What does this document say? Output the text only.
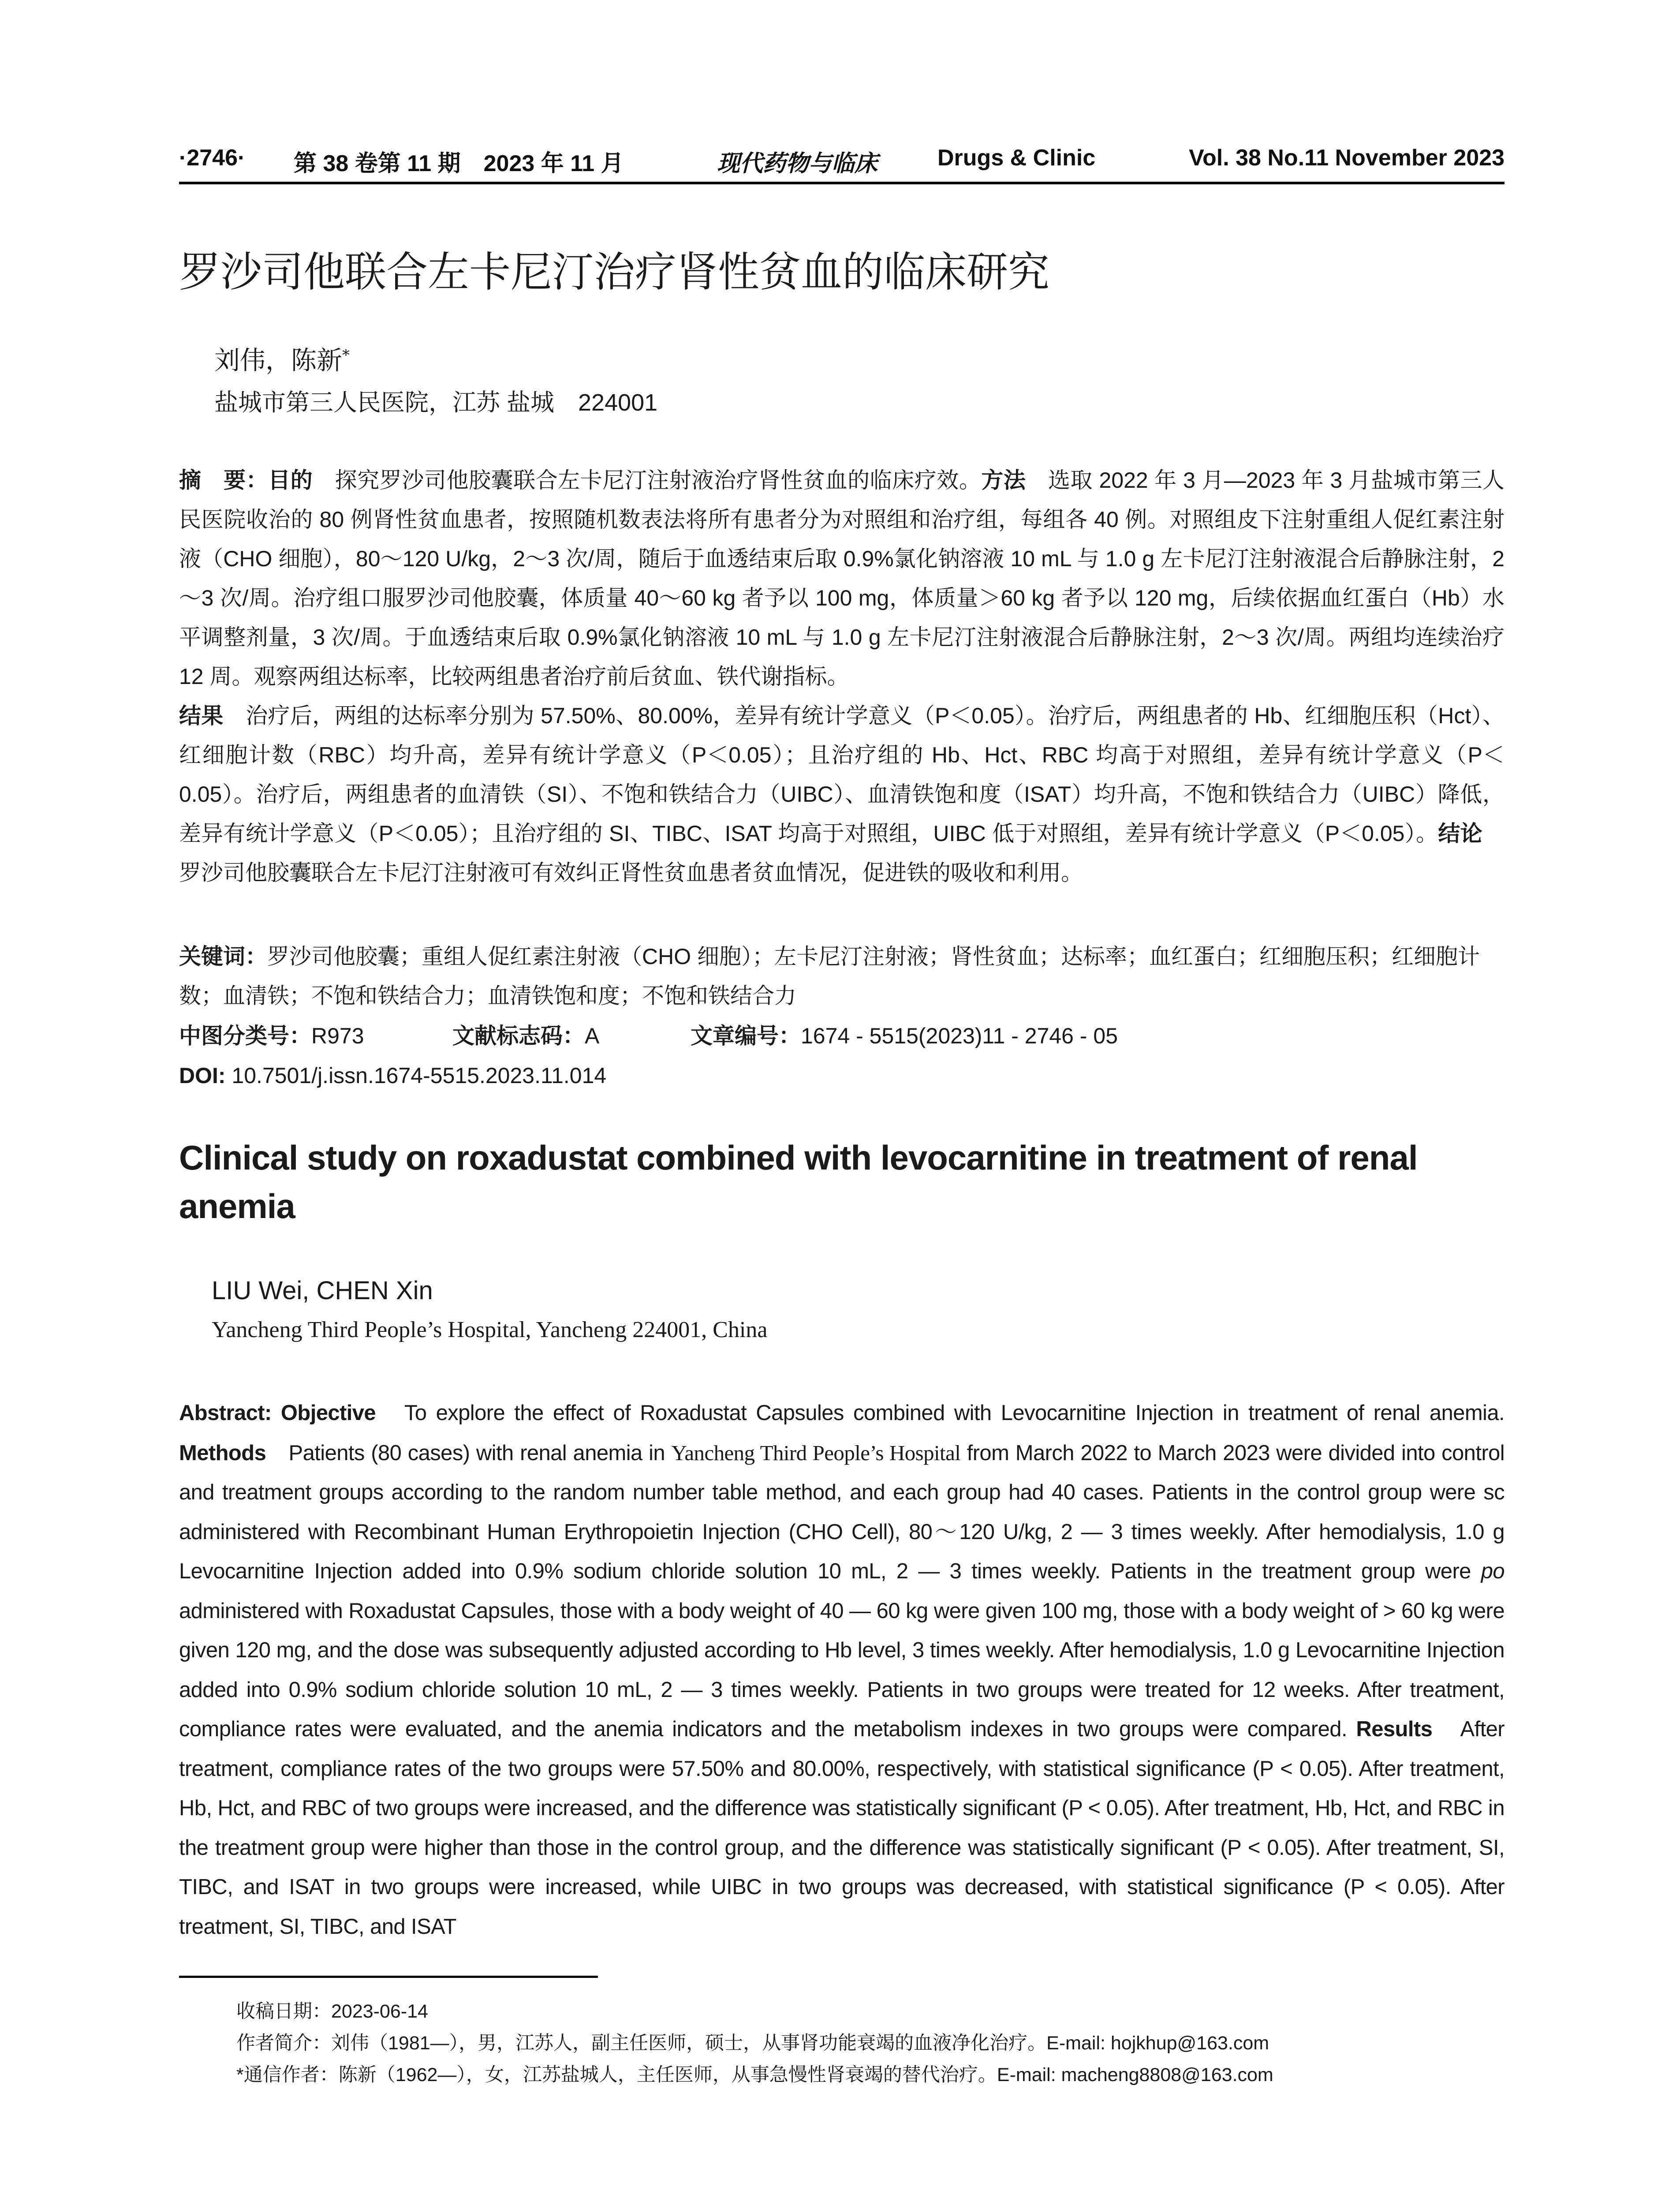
·2746· 第 38 卷第 11 期　2023 年 11 月	现代药物与临床	Drugs & Clinic	Vol. 38 No.11 November 2023
罗沙司他联合左卡尼汀治疗肾性贫血的临床研究
刘伟，陈新*
盐城市第三人民医院，江苏 盐城　224001

摘　要：目的　探究罗沙司他胶囊联合左卡尼汀注射液治疗肾性贫血的临床疗效。方法　选取 2022 年 3 月—2023 年 3 月盐城市第三人民医院收治的 80 例肾性贫血患者，按照随机数表法将所有患者分为对照组和治疗组，每组各 40 例。对照组皮下注射重组人促红素注射液（CHO 细胞），80～120 U/kg，2～3 次/周，随后于血透结束后取 0.9%氯化钠溶液 10 mL 与 1.0 g 左卡尼汀注射液混合后静脉注射，2～3 次/周。治疗组口服罗沙司他胶囊，体质量 40～60 kg 者予以 100 mg，体质量＞60 kg 者予以 120 mg，后续依据血红蛋白（Hb）水平调整剂量，3 次/周。于血透结束后取 0.9%氯化钠溶液 10 mL 与 1.0 g 左卡尼汀注射液混合后静脉注射，2～3 次/周。两组均连续治疗 12 周。观察两组达标率，比较两组患者治疗前后贫血、铁代谢指标。
结果　治疗后，两组的达标率分别为 57.50%、80.00%，差异有统计学意义（P＜0.05）。治疗后，两组患者的 Hb、红细胞压积（Hct）、红细胞计数（RBC）均升高，差异有统计学意义（P＜0.05）；且治疗组的 Hb、Hct、RBC 均高于对照组，差异有统计学意义（P＜0.05）。治疗后，两组患者的血清铁（SI）、不饱和铁结合力（UIBC）、血清铁饱和度（ISAT）均升高，不饱和铁结合力（UIBC）降低，差异有统计学意义（P＜0.05）；且治疗组的 SI、TIBC、ISAT 均高于对照组，UIBC 低于对照组，差异有统计学意义（P＜0.05）。结论　罗沙司他胶囊联合左卡尼汀注射液可有效纠正肾性贫血患者贫血情况，促进铁的吸收和利用。

关键词：罗沙司他胶囊；重组人促红素注射液（CHO 细胞）；左卡尼汀注射液；肾性贫血；达标率；血红蛋白；红细胞压积；红细胞计数；血清铁；不饱和铁结合力；血清铁饱和度；不饱和铁结合力

中图分类号：R973	文献标志码：A	文章编号：1674 - 5515(2023)11 - 2746 - 05

DOI: 10.7501/j.issn.1674-5515.2023.11.014

Clinical study on roxadustat combined with levocarnitine in treatment of renal anemia
LIU Wei, CHEN Xin
Yancheng Third People’s Hospital, Yancheng 224001, China

Abstract: Objective　To explore the effect of Roxadustat Capsules combined with Levocarnitine Injection in treatment of renal anemia. Methods　Patients (80 cases) with renal anemia in Yancheng Third People’s Hospital from March 2022 to March 2023 were divided into control and treatment groups according to the random number table method, and each group had 40 cases. Patients in the control group were sc administered with Recombinant Human Erythropoietin Injection (CHO Cell), 80～120 U/kg, 2 — 3 times weekly. After hemodialysis, 1.0 g Levocarnitine Injection added into 0.9% sodium chloride solution 10 mL, 2 — 3 times weekly. Patients in the treatment group were po administered with Roxadustat Capsules, those with a body weight of 40 — 60 kg were given 100 mg, those with a body weight of > 60 kg were given 120 mg, and the dose was subsequently adjusted according to Hb level, 3 times weekly. After hemodialysis, 1.0 g Levocarnitine Injection added into 0.9% sodium chloride solution 10 mL, 2 — 3 times weekly. Patients in two groups were treated for 12 weeks. After treatment, compliance rates were evaluated, and the anemia indicators and the metabolism indexes in two groups were compared. Results　After treatment, compliance rates of the two groups were 57.50% and 80.00%, respectively, with statistical significance (P < 0.05). After treatment, Hb, Hct, and RBC of two groups were increased, and the difference was statistically significant (P < 0.05). After treatment, Hb, Hct, and RBC in the treatment group were higher than those in the control group, and the difference was statistically significant (P < 0.05). After treatment, SI, TIBC, and ISAT in two groups were increased, while UIBC in two groups was decreased, with statistical significance (P < 0.05). After treatment, SI, TIBC, and ISAT

收稿日期：2023-06-14

作者简介：刘伟（1981—），男，江苏人，副主任医师，硕士，从事肾功能衰竭的血液净化治疗。E-mail: hojkhup@163.com

*通信作者：陈新（1962—），女，江苏盐城人，主任医师，从事急慢性肾衰竭的替代治疗。E-mail: macheng8808@163.com
